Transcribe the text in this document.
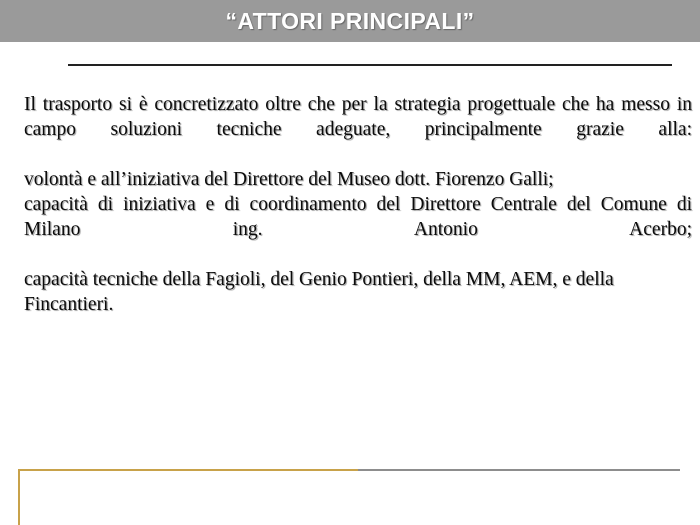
“ATTORI PRINCIPALI”

Il trasporto si è concretizzato oltre che per la strategia progettuale che ha messo in campo soluzioni tecniche adeguate, principalmente grazie alla:

volontà e all’iniziativa del Direttore del Museo dott. Fiorenzo Galli;

capacità di iniziativa e di coordinamento del Direttore Centrale del Comune di Milano ing. Antonio Acerbo;

capacità tecniche della Fagioli, del Genio Pontieri, della MM, AEM, e della Fincantieri.
